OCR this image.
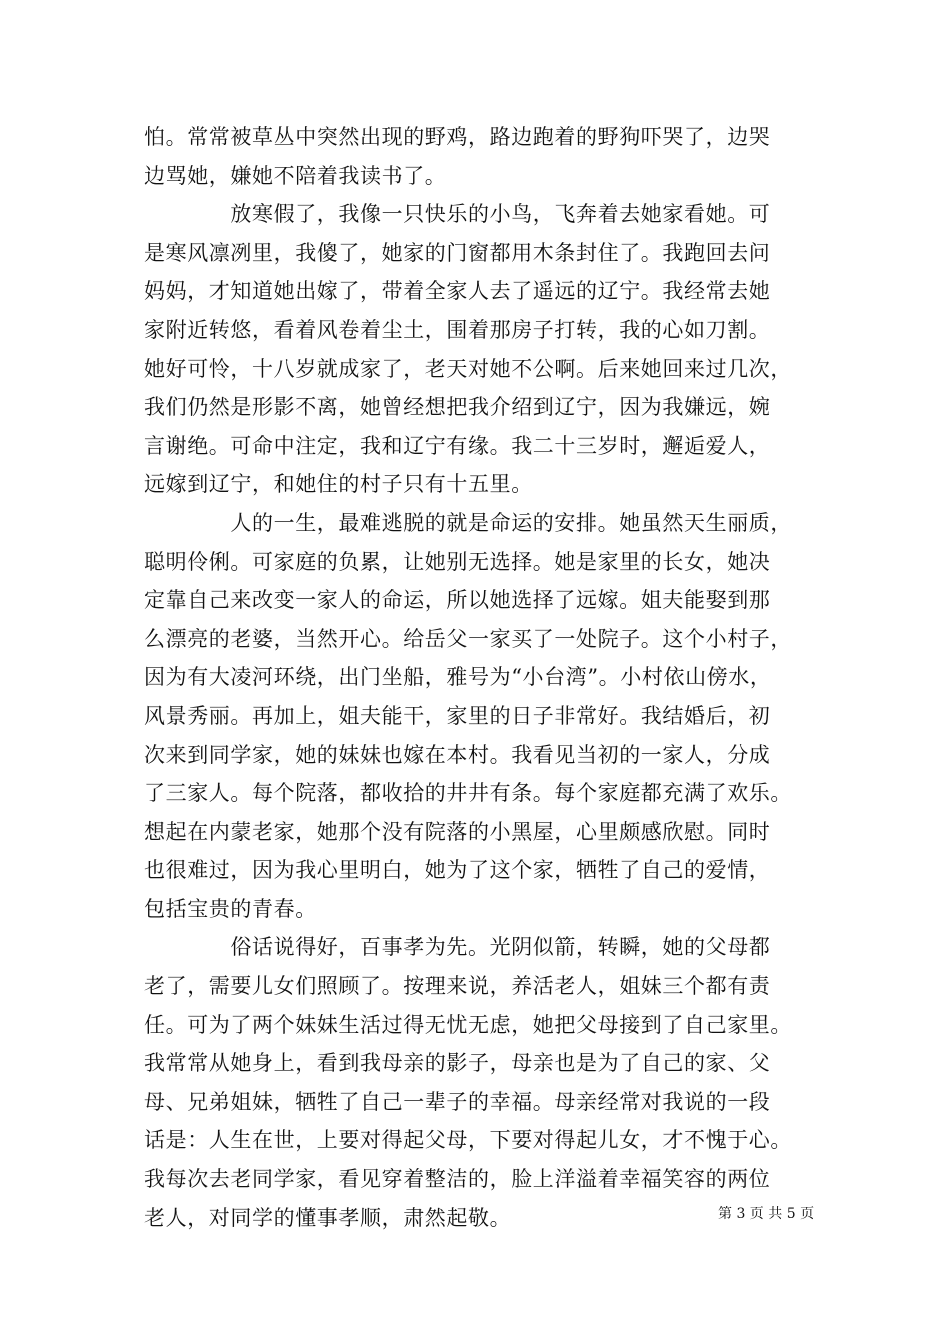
怕。常常被草丛中突然出现的野鸡，路边跑着的野狗吓哭了，边哭
边骂她，嫌她不陪着我读书了。
　　　　放寒假了，我像一只快乐的小鸟，飞奔着去她家看她。可
是寒风凛冽里，我傻了，她家的门窗都用木条封住了。我跑回去问
妈妈，才知道她出嫁了，带着全家人去了遥远的辽宁。我经常去她
家附近转悠，看着风卷着尘土，围着那房子打转，我的心如刀割。
她好可怜，十八岁就成家了，老天对她不公啊。后来她回来过几次，
我们仍然是形影不离，她曾经想把我介绍到辽宁，因为我嫌远，婉
言谢绝。可命中注定，我和辽宁有缘。我二十三岁时，邂逅爱人，
远嫁到辽宁，和她住的村子只有十五里。
　　　　人的一生，最难逃脱的就是命运的安排。她虽然天生丽质，
聪明伶俐。可家庭的负累，让她别无选择。她是家里的长女，她决
定靠自己来改变一家人的命运，所以她选择了远嫁。姐夫能娶到那
么漂亮的老婆，当然开心。给岳父一家买了一处院子。这个小村子，
因为有大凌河环绕，出门坐船，雅号为“小台湾”。小村依山傍水，
风景秀丽。再加上，姐夫能干，家里的日子非常好。我结婚后，初
次来到同学家，她的妹妹也嫁在本村。我看见当初的一家人，分成
了三家人。每个院落，都收拾的井井有条。每个家庭都充满了欢乐。
想起在内蒙老家，她那个没有院落的小黑屋，心里颇感欣慰。同时
也很难过，因为我心里明白，她为了这个家，牺牲了自己的爱情，
包括宝贵的青春。
　　　　俗话说得好，百事孝为先。光阴似箭，转瞬，她的父母都
老了，需要儿女们照顾了。按理来说，养活老人，姐妹三个都有责
任。可为了两个妹妹生活过得无忧无虑，她把父母接到了自己家里。
我常常从她身上，看到我母亲的影子，母亲也是为了自己的家、父
母、兄弟姐妹，牺牲了自己一辈子的幸福。母亲经常对我说的一段
话是：人生在世，上要对得起父母，下要对得起儿女，才不愧于心。
我每次去老同学家，看见穿着整洁的，脸上洋溢着幸福笑容的两位
老人，对同学的懂事孝顺，肃然起敬。	第 3 页 共 5 页
